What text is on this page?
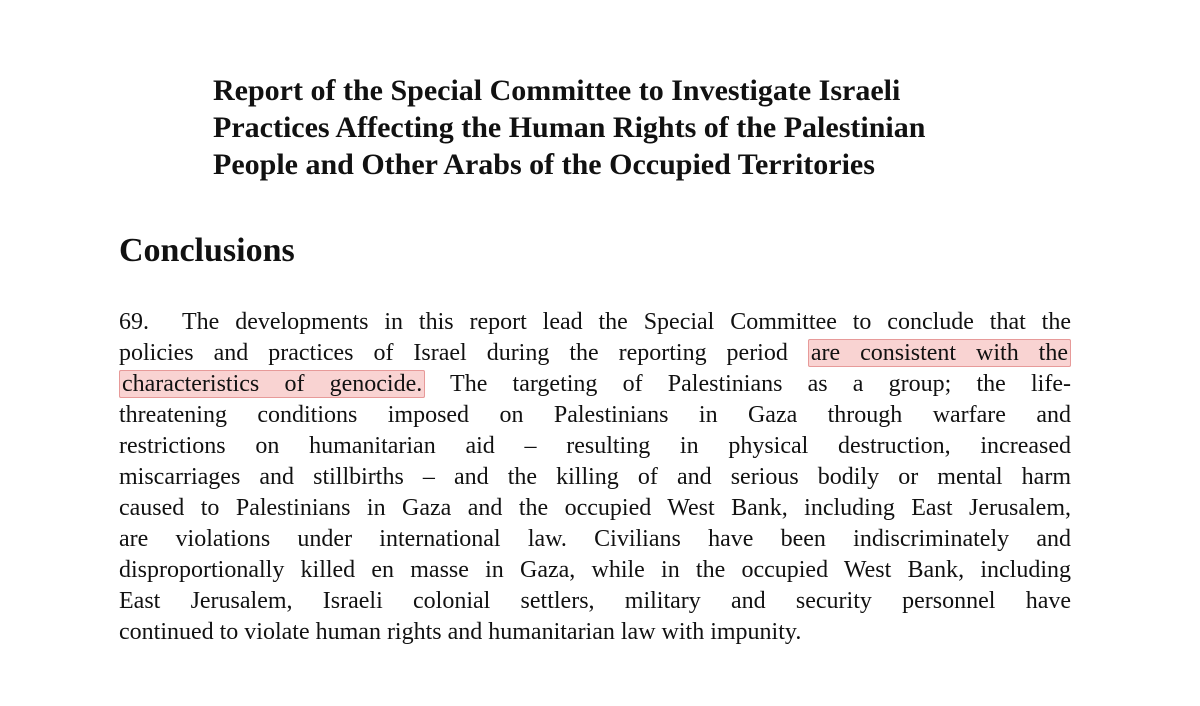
Report of the Special Committee to Investigate Israeli
Practices Affecting the Human Rights of the Palestinian
People and Other Arabs of the Occupied Territories
Conclusions
69. The developments in this report lead the Special Committee to conclude that the
policies and practices of Israel during the reporting period are consistent with the
characteristics of genocide. The targeting of Palestinians as a group; the life-
threatening conditions imposed on Palestinians in Gaza through warfare and
restrictions on humanitarian aid – resulting in physical destruction, increased
miscarriages and stillbirths – and the killing of and serious bodily or mental harm
caused to Palestinians in Gaza and the occupied West Bank, including East Jerusalem,
are violations under international law. Civilians have been indiscriminately and
disproportionally killed en masse in Gaza, while in the occupied West Bank, including
East Jerusalem, Israeli colonial settlers, military and security personnel have
continued to violate human rights and humanitarian law with impunity.
